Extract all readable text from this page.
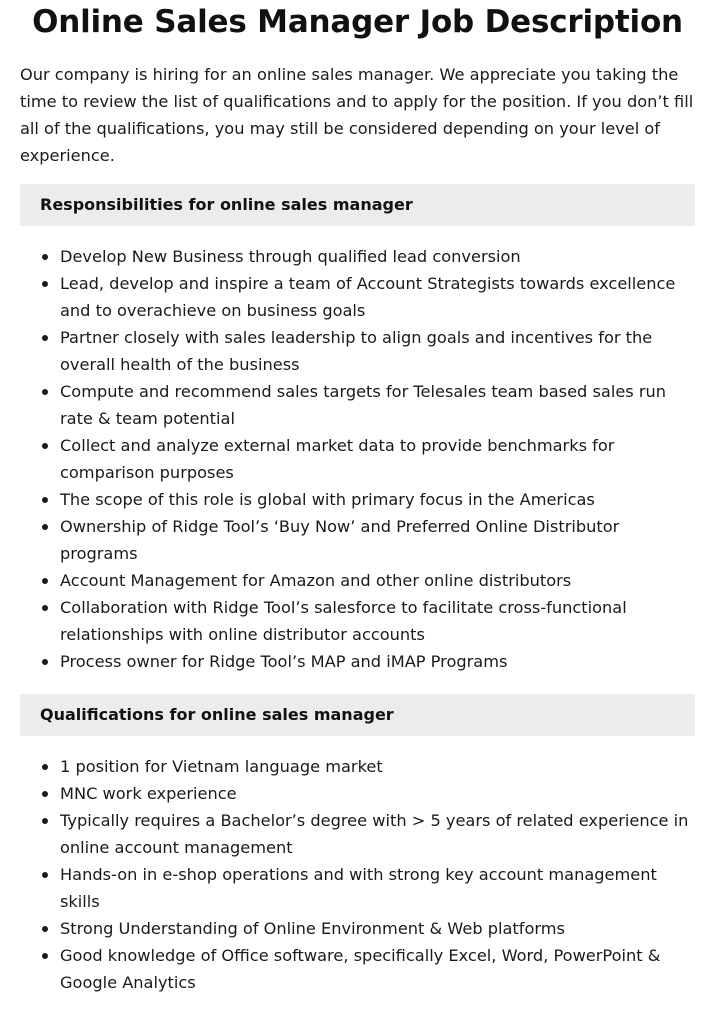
Online Sales Manager Job Description

Our company is hiring for an online sales manager. We appreciate you taking the time to review the list of qualifications and to apply for the position. If you don’t fill all of the qualifications, you may still be considered depending on your level of experience.

Responsibilities for online sales manager
Develop New Business through qualified lead conversion
Lead, develop and inspire a team of Account Strategists towards excellence and to overachieve on business goals
Partner closely with sales leadership to align goals and incentives for the overall health of the business
Compute and recommend sales targets for Telesales team based sales run rate & team potential
Collect and analyze external market data to provide benchmarks for comparison purposes
The scope of this role is global with primary focus in the Americas
Ownership of Ridge Tool’s ‘Buy Now’ and Preferred Online Distributor programs
Account Management for Amazon and other online distributors
Collaboration with Ridge Tool’s salesforce to facilitate cross-functional relationships with online distributor accounts
Process owner for Ridge Tool’s MAP and iMAP Programs
Qualifications for online sales manager
1 position for Vietnam language market
MNC work experience
Typically requires a Bachelor’s degree with > 5 years of related experience in online account management
Hands-on in e-shop operations and with strong key account management skills
Strong Understanding of Online Environment & Web platforms
Good knowledge of Office software, specifically Excel, Word, PowerPoint & Google Analytics
